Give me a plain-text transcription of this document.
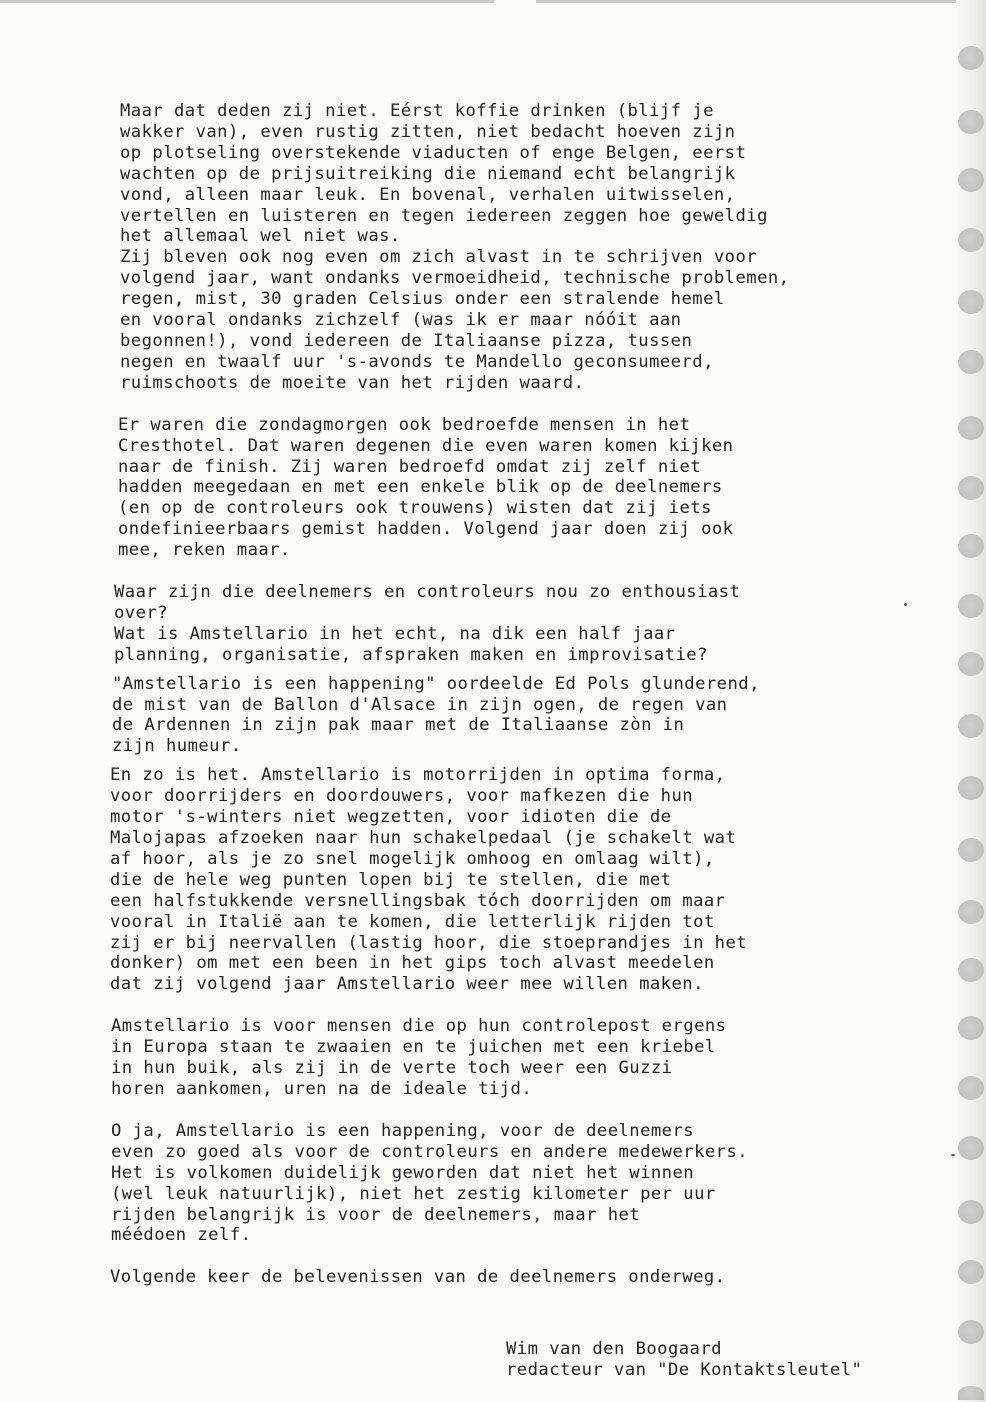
Maar dat deden zij niet. Eérst koffie drinken (blijf je
wakker van), even rustig zitten, niet bedacht hoeven zijn
op plotseling overstekende viaducten of enge Belgen, eerst
wachten op de prijsuitreiking die niemand echt belangrijk
vond, alleen maar leuk. En bovenal, verhalen uitwisselen,
vertellen en luisteren en tegen iedereen zeggen hoe geweldig
het allemaal wel niet was.
Zij bleven ook nog even om zich alvast in te schrijven voor
volgend jaar, want ondanks vermoeidheid, technische problemen,
regen, mist, 30 graden Celsius onder een stralende hemel
en vooral ondanks zichzelf (was ik er maar nóóit aan
begonnen!), vond iedereen de Italiaanse pizza, tussen
negen en twaalf uur 's-avonds te Mandello geconsumeerd,
ruimschoots de moeite van het rijden waard.

Er waren die zondagmorgen ook bedroefde mensen in het
Cresthotel. Dat waren degenen die even waren komen kijken
naar de finish. Zij waren bedroefd omdat zij zelf niet
hadden meegedaan en met een enkele blik op de deelnemers
(en op de controleurs ook trouwens) wisten dat zij iets
ondefinieerbaars gemist hadden. Volgend jaar doen zij ook
mee, reken maar.

Waar zijn die deelnemers en controleurs nou zo enthousiast
over?
Wat is Amstellario in het echt, na dik een half jaar
planning, organisatie, afspraken maken en improvisatie?

"Amstellario is een happening" oordeelde Ed Pols glunderend,
de mist van de Ballon d'Alsace in zijn ogen, de regen van
de Ardennen in zijn pak maar met de Italiaanse zòn in
zijn humeur.

En zo is het. Amstellario is motorrijden in optima forma,
voor doorrijders en doordouwers, voor mafkezen die hun
motor 's-winters niet wegzetten, voor idioten die de
Malojapas afzoeken naar hun schakelpedaal (je schakelt wat
af hoor, als je zo snel mogelijk omhoog en omlaag wilt),
die de hele weg punten lopen bij te stellen, die met
een halfstukkende versnellingsbak tóch doorrijden om maar
vooral in Italië aan te komen, die letterlijk rijden tot
zij er bij neervallen (lastig hoor, die stoeprandjes in het
donker) om met een been in het gips toch alvast meedelen
dat zij volgend jaar Amstellario weer mee willen maken.

Amstellario is voor mensen die op hun controlepost ergens
in Europa staan te zwaaien en te juichen met een kriebel
in hun buik, als zij in de verte toch weer een Guzzi
horen aankomen, uren na de ideale tijd.

O ja, Amstellario is een happening, voor de deelnemers
even zo goed als voor de controleurs en andere medewerkers.
Het is volkomen duidelijk geworden dat niet het winnen
(wel leuk natuurlijk), niet het zestig kilometer per uur
rijden belangrijk is voor de deelnemers, maar het
méédoen zelf.

Volgende keer de belevenissen van de deelnemers onderweg.

Wim van den Boogaard
redacteur van "De Kontaktsleutel"
